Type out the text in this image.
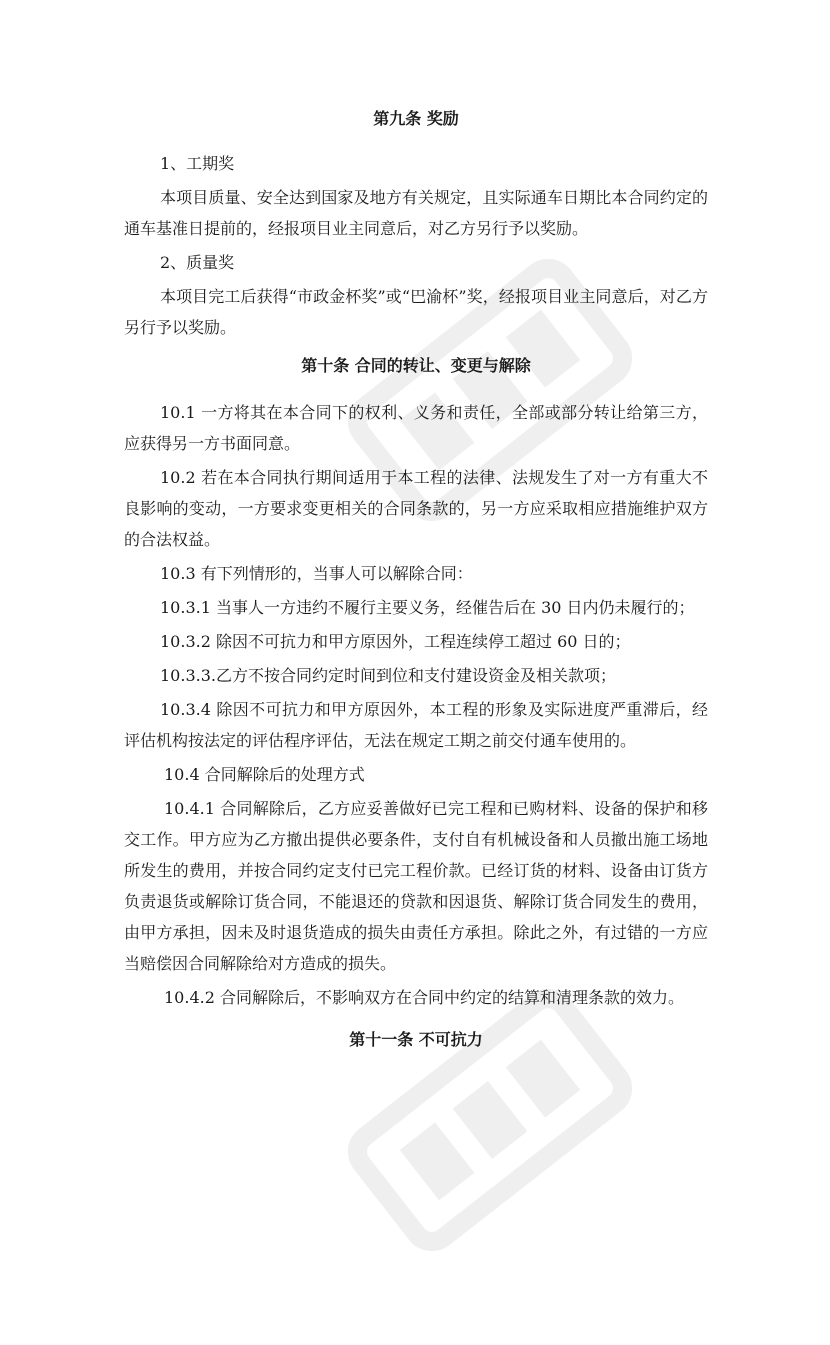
第九条 奖励

1、工期奖

本项目质量、安全达到国家及地方有关规定，且实际通车日期比本合同约定的通车基准日提前的，经报项目业主同意后，对乙方另行予以奖励。

2、质量奖

本项目完工后获得“市政金杯奖”或“巴渝杯”奖，经报项目业主同意后，对乙方另行予以奖励。

第十条 合同的转让、变更与解除

10.1 一方将其在本合同下的权利、义务和责任，全部或部分转让给第三方，应获得另一方书面同意。

10.2 若在本合同执行期间适用于本工程的法律、法规发生了对一方有重大不良影响的变动，一方要求变更相关的合同条款的，另一方应采取相应措施维护双方的合法权益。

10.3 有下列情形的，当事人可以解除合同：

10.3.1 当事人一方违约不履行主要义务，经催告后在 30 日内仍未履行的；

10.3.2 除因不可抗力和甲方原因外，工程连续停工超过 60 日的；

10.3.3.乙方不按合同约定时间到位和支付建设资金及相关款项；

10.3.4 除因不可抗力和甲方原因外，本工程的形象及实际进度严重滞后，经评估机构按法定的评估程序评估，无法在规定工期之前交付通车使用的。

10.4 合同解除后的处理方式

10.4.1 合同解除后，乙方应妥善做好已完工程和已购材料、设备的保护和移交工作。甲方应为乙方撤出提供必要条件，支付自有机械设备和人员撤出施工场地所发生的费用，并按合同约定支付已完工程价款。已经订货的材料、设备由订货方负责退货或解除订货合同，不能退还的贷款和因退货、解除订货合同发生的费用，由甲方承担，因未及时退货造成的损失由责任方承担。除此之外，有过错的一方应当赔偿因合同解除给对方造成的损失。

10.4.2 合同解除后，不影响双方在合同中约定的结算和清理条款的效力。

第十一条 不可抗力
